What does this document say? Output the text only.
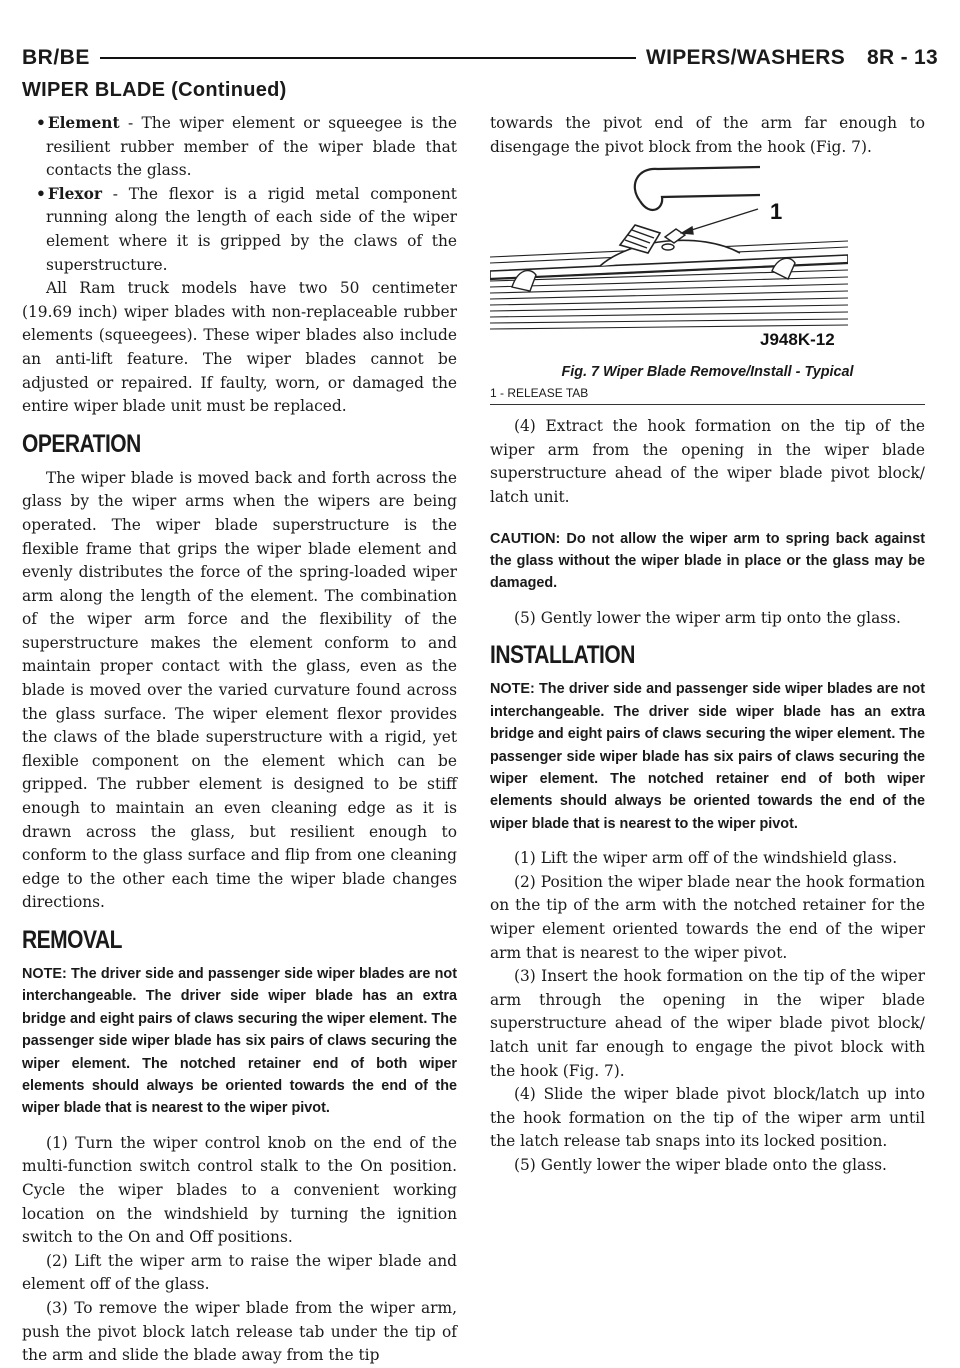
BR/BE	WIPERS/WASHERS 8R - 13
WIPER BLADE (Continued)

• Element - The wiper element or squeegee is the resilient rubber member of the wiper blade that contacts the glass.

• Flexor - The flexor is a rigid metal component running along the length of each side of the wiper element where it is gripped by the claws of the superstructure.

All Ram truck models have two 50 centimeter (19.69 inch) wiper blades with non-replaceable rubber elements (squeegees). These wiper blades also include an anti-lift feature. The wiper blades cannot be adjusted or repaired. If faulty, worn, or damaged the entire wiper blade unit must be replaced.

OPERATION

The wiper blade is moved back and forth across the glass by the wiper arms when the wipers are being operated. The wiper blade superstructure is the flexible frame that grips the wiper blade element and evenly distributes the force of the spring-loaded wiper arm along the length of the element. The combination of the wiper arm force and the flexibility of the superstructure makes the element conform to and maintain proper contact with the glass, even as the blade is moved over the varied curvature found across the glass surface. The wiper element flexor provides the claws of the blade superstructure with a rigid, yet flexible component on the element which can be gripped. The rubber element is designed to be stiff enough to maintain an even cleaning edge as it is drawn across the glass, but resilient enough to conform to the glass surface and flip from one cleaning edge to the other each time the wiper blade changes directions.

REMOVAL
NOTE: The driver side and passenger side wiper blades are not interchangeable. The driver side wiper blade has an extra bridge and eight pairs of claws securing the wiper element. The passenger side wiper blade has six pairs of claws securing the wiper element. The notched retainer end of both wiper elements should always be oriented towards the end of the wiper blade that is nearest to the wiper pivot.

(1) Turn the wiper control knob on the end of the multi-function switch control stalk to the On position. Cycle the wiper blades to a convenient working location on the windshield by turning the ignition switch to the On and Off positions.

(2) Lift the wiper arm to raise the wiper blade and element off of the glass.

(3) To remove the wiper blade from the wiper arm, push the pivot block latch release tab under the tip of the arm and slide the blade away from the tip

towards the pivot end of the arm far enough to disengage the pivot block from the hook (Fig. 7).

1
J948K-12
Fig. 7 Wiper Blade Remove/Install - Typical
1 - RELEASE TAB

(4) Extract the hook formation on the tip of the wiper arm from the opening in the wiper blade superstructure ahead of the wiper blade pivot block/ latch unit.

CAUTION: Do not allow the wiper arm to spring back against the glass without the wiper blade in place or the glass may be damaged.

(5) Gently lower the wiper arm tip onto the glass.

INSTALLATION
NOTE: The driver side and passenger side wiper blades are not interchangeable. The driver side wiper blade has an extra bridge and eight pairs of claws securing the wiper element. The passenger side wiper blade has six pairs of claws securing the wiper element. The notched retainer end of both wiper elements should always be oriented towards the end of the wiper blade that is nearest to the wiper pivot.

(1) Lift the wiper arm off of the windshield glass.

(2) Position the wiper blade near the hook formation on the tip of the arm with the notched retainer for the wiper element oriented towards the end of the wiper arm that is nearest to the wiper pivot.

(3) Insert the hook formation on the tip of the wiper arm through the opening in the wiper blade superstructure ahead of the wiper blade pivot block/ latch unit far enough to engage the pivot block with the hook (Fig. 7).

(4) Slide the wiper blade pivot block/latch up into the hook formation on the tip of the wiper arm until the latch release tab snaps into its locked position.

(5) Gently lower the wiper blade onto the glass.
